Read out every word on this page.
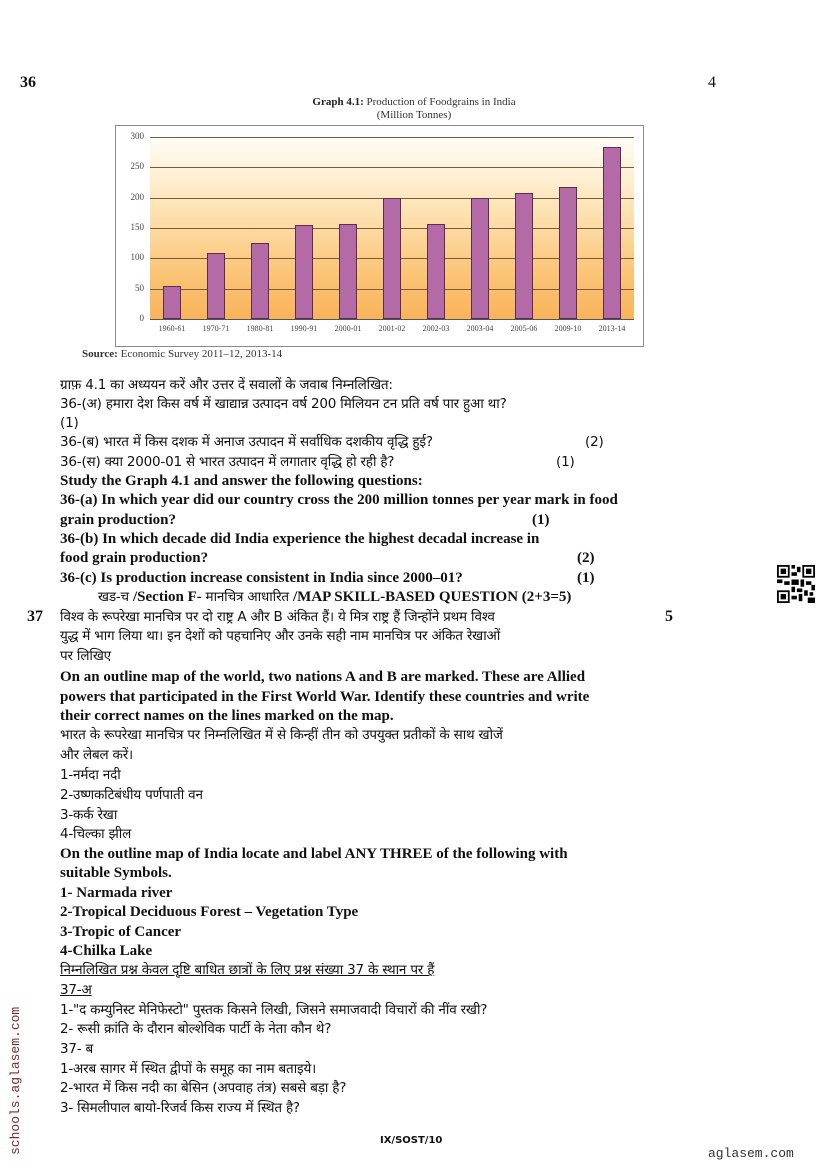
36	4
Graph 4.1: Production of Foodgrains in India
(Million Tonnes)
0
50
100
150
200
250
300
1960-61	1970-71	1980-81	1990-91	2000-01	2001-02	2002-03	2003-04	2005-06	2009-10	2013-14
Source: Economic Survey 2011–12, 2013-14
ग्राफ़ 4.1 का अध्ययन करें और उत्तर दें सवालों के जवाब निम्नलिखित:
36-(अ) हमारा देश किस वर्ष में खाद्यान्न उत्पादन वर्ष 200 मिलियन टन प्रति वर्ष पार हुआ था?
(1)
36-(ब) भारत में किस दशक में अनाज उत्पादन में सर्वाधिक दशकीय वृद्धि हुई?	(2)
36-(स) क्या 2000-01 से भारत उत्पादन में लगातार वृद्धि हो रही है?	(1)
Study the Graph 4.1 and answer the following questions:
36-(a) In which year did our country cross the 200 million tonnes per year mark in food
grain production?	(1)
36-(b) In which decade did India experience the highest decadal increase in
food grain production?	(2)
36-(c) Is production increase consistent in India since 2000–01?	(1)
खड-च /Section F- मानचित्र आधारित /MAP SKILL-BASED QUESTION (2+3=5)
37	5
विश्व के रूपरेखा मानचित्र पर दो राष्ट्र A और B अंकित हैं। ये मित्र राष्ट्र हैं जिन्होंने प्रथम विश्व
युद्ध में भाग लिया था। इन देशों को पहचानिए और उनके सही नाम मानचित्र पर अंकित रेखाओं
पर लिखिए
On an outline map of the world, two nations A and B are marked. These are Allied
powers that participated in the First World War. Identify these countries and write
their correct names on the lines marked on the map.
भारत के रूपरेखा मानचित्र पर निम्नलिखित में से किन्हीं तीन को उपयुक्त प्रतीकों के साथ खोजें
और लेबल करें।
1-नर्मदा नदी
2-उष्णकटिबंधीय पर्णपाती वन
3-कर्क रेखा
4-चिल्का झील
On the outline map of India locate and label ANY THREE of the following with
suitable Symbols.
1- Narmada river
2-Tropical Deciduous Forest – Vegetation Type
3-Tropic of Cancer
4-Chilka Lake
निम्नलिखित प्रश्न केवल दृष्टि बाधित छात्रों के लिए प्रश्न संख्या 37 के स्थान पर हैं
37-अ
1-"द कम्युनिस्ट मेनिफेस्टो" पुस्तक किसने लिखी, जिसने समाजवादी विचारों की नींव रखी?
2- रूसी क्रांति के दौरान बोल्शेविक पार्टी के नेता कौन थे?
37- ब
1-अरब सागर में स्थित द्वीपों के समूह का नाम बताइये।
2-भारत में किस नदी का बेसिन (अपवाह तंत्र) सबसे बड़ा है?
3- सिमलीपाल बायो-रिजर्व किस राज्य में स्थित है?
schools.aglasem.com	IX/SOST/10
aglasem.com
